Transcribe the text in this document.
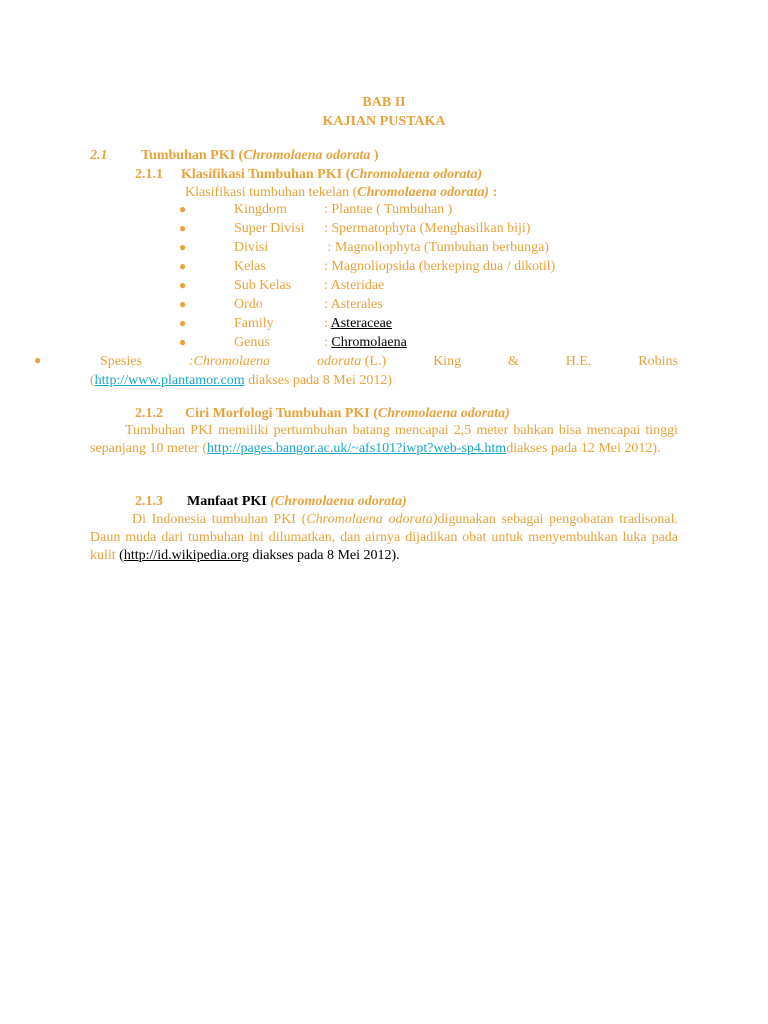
BAB II
KAJIAN PUSTAKA
2.1 Tumbuhan PKI (Chromolaena odorata )
2.1.1 Klasifikasi Tumbuhan PKI (Chromolaena odorata)
Klasifikasi tumbuhan tekelan (Chromolaena odorata) :
●	Kingdom	: Plantae ( Tumbuhan )
●	Super Divisi : Spermatophyta (Menghasilkan biji)
●	Divisi	: Magnoliophyta (Tumbuhan berbunga)
●	Kelas	: Magnoliopsida (berkeping dua / dikotil)
●	Sub Kelas : Asteridae
●	Ordo	: Asterales
●	Family	: Asteraceae
●	Genus	: Chromolaena
●	Spesies	:Chromolaena	odorata (L.)	King	&	H.E.	Robins
(http://www.plantamor.com diakses pada 8 Mei 2012)
2.1.2 Ciri Morfologi Tumbuhan PKI (Chromolaena odorata)
Tumbuhan PKI memiliki pertumbuhan batang mencapai 2,5 meter bahkan bisa mencapai tinggi sepanjang 10 meter (http://pages.bangor.ac.uk/~afs101?iwpt?web-sp4.htmdiakses pada 12 Mei 2012).
2.1.3 Manfaat PKI (Chromolaena odorata)
Di Indonesia tumbuhan PKI (Chromolaena odorata)digunakan sebagai pengobatan tradisonal. Daun muda dari tumbuhan ini dilumatkan, dan airnya dijadikan obat untuk menyembuhkan luka pada kulit (http://id.wikipedia.org diakses pada 8 Mei 2012).
